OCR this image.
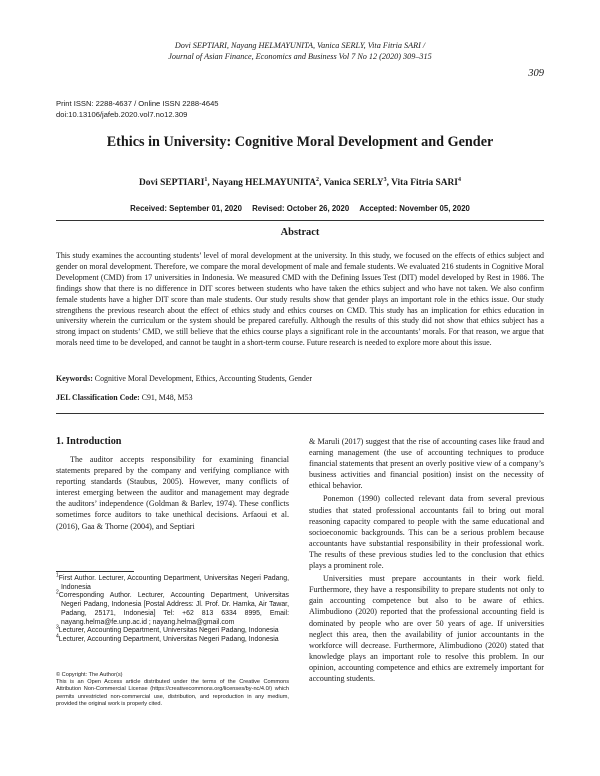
Dovi SEPTIARI, Nayang HELMAYUNITA, Vanica SERLY, Vita Fitria SARI /
Journal of Asian Finance, Economics and Business Vol 7 No 12 (2020) 309–315
309
Print ISSN: 2288-4637 / Online ISSN 2288-4645
doi:10.13106/jafeb.2020.vol7.no12.309
Ethics in University: Cognitive Moral Development and Gender
Dovi SEPTIARI$^1$, Nayang HELMAYUNITA$^2$, Vanica SERLY$^3$, Vita Fitria SARI$^4$
Received: September 01, 2020 Revised: October 26, 2020 Accepted: November 05, 2020
Abstract
This study examines the accounting students’ level of moral development at the university. In this study, we focused on the effects of ethics subject and gender on moral development. Therefore, we compare the moral development of male and female students. We evaluated 216 students in Cognitive Moral Development (CMD) from 17 universities in Indonesia. We measured CMD with the Defining Issues Test (DIT) model developed by Rest in 1986. The findings show that there is no difference in DIT scores between students who have taken the ethics subject and who have not taken. We also confirm female students have a higher DIT score than male students. Our study results show that gender plays an important role in the ethics issue. Our study strengthens the previous research about the effect of ethics study and ethics courses on CMD. This study has an implication for ethics education in university wherein the curriculum or the system should be prepared carefully. Although the results of this study did not show that ethics subject has a strong impact on students’ CMD, we still believe that the ethics course plays a significant role in the accountants’ morals. For that reason, we argue that morals need time to be developed, and cannot be taught in a short-term course. Future research is needed to explore more about this issue.
Keywords: Cognitive Moral Development, Ethics, Accounting Students, Gender
JEL Classification Code: C91, M48, M53
1. Introduction

The auditor accepts responsibility for examining financial statements prepared by the company and verifying compliance with reporting standards (Staubus, 2005). However, many conflicts of interest emerging between the auditor and management may degrade the auditors’ independence (Goldman & Barlev, 1974). These conflicts sometimes force auditors to take unethical decisions. Arfaoui et al. (2016), Gaa & Thorne (2004), and Septiari

& Maruli (2017) suggest that the rise of accounting cases like fraud and earning management (the use of accounting techniques to produce financial statements that present an overly positive view of a company’s business activities and financial position) insist on the necessity of ethical behavior.

Ponemon (1990) collected relevant data from several previous studies that stated professional accountants fail to bring out moral reasoning capacity compared to people with the same educational and socioeconomic backgrounds. This can be a serious problem because accountants have substantial responsibility in their professional work. The results of these previous studies led to the conclusion that ethics plays a prominent role.

Universities must prepare accountants in their work field. Furthermore, they have a responsibility to prepare students not only to gain accounting competence but also to be aware of ethics. Alimbudiono (2020) reported that the professional accounting field is dominated by people who are over 50 years of age. If universities neglect this area, then the availability of junior accountants in the workforce will decrease. Furthermore, Alimbudiono (2020) stated that knowledge plays an important role to resolve this problem. In our opinion, accounting competence and ethics are extremely important for accounting students.

$^1$First Author. Lecturer, Accounting Department, Universitas Negeri Padang, Indonesia
$^2$Corresponding Author. Lecturer, Accounting Department, Universitas Negeri Padang, Indonesia [Postal Address: Jl. Prof. Dr. Hamka, Air Tawar, Padang, 25171, Indonesia] Tel: +62 813 6334 8995, Email: nayang.helma@fe.unp.ac.id ; nayang.helma@gmail.com
$^3$Lecturer, Accounting Department, Universitas Negeri Padang, Indonesia
$^4$Lecturer, Accounting Department, Universitas Negeri Padang, Indonesia
© Copyright: The Author(s)
This is an Open Access article distributed under the terms of the Creative Commons Attribution Non-Commercial License (https://creativecommons.org/licenses/by-nc/4.0/) which permits unrestricted non-commercial use, distribution, and reproduction in any medium, provided the original work is properly cited.
